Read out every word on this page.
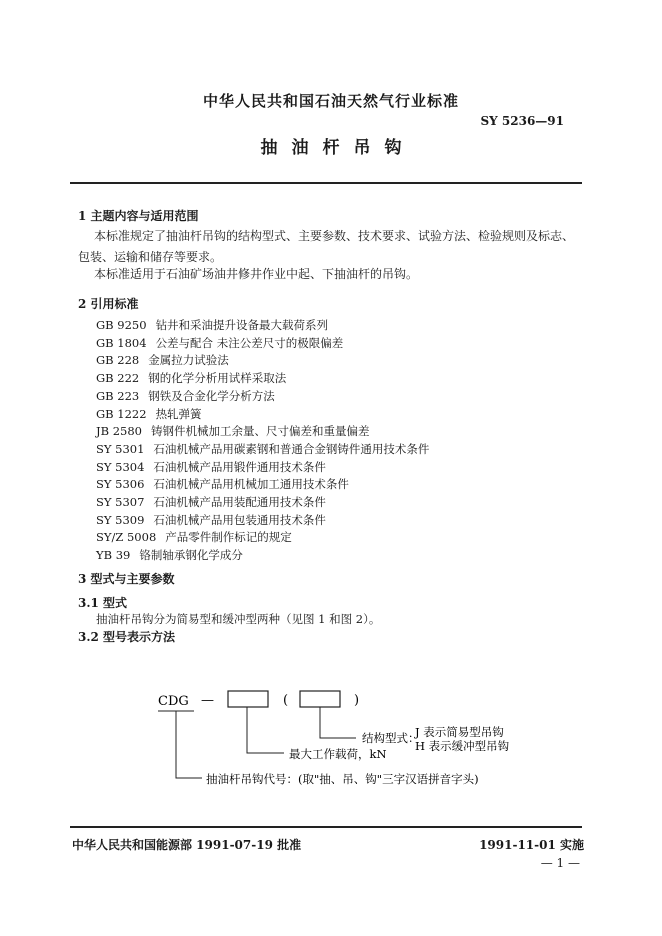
中华人民共和国石油天然气行业标准
SY 5236—91
抽油杆吊钩
1 主题内容与适用范围
本标准规定了抽油杆吊钩的结构型式、主要参数、技术要求、试验方法、检验规则及标志、包装、运输和储存等要求。
本标准适用于石油矿场油井修井作业中起、下抽油杆的吊钩。
2 引用标准
GB 9250 钻井和采油提升设备最大载荷系列
GB 1804 公差与配合 未注公差尺寸的极限偏差
GB 228 金属拉力试验法
GB 222 钢的化学分析用试样采取法
GB 223 钢铁及合金化学分析方法
GB 1222 热轧弹簧
JB 2580 铸钢件机械加工余量、尺寸偏差和重量偏差
SY 5301 石油机械产品用碳素钢和普通合金钢铸件通用技术条件
SY 5304 石油机械产品用锻件通用技术条件
SY 5306 石油机械产品用机械加工通用技术条件
SY 5307 石油机械产品用装配通用技术条件
SY 5309 石油机械产品用包装通用技术条件
SY/Z 5008 产品零件制作标记的规定
YB 39 铬制轴承钢化学成分
3 型式与主要参数
3.1 型式
抽油杆吊钩分为简易型和缓冲型两种（见图 1 和图 2）。
3.2 型号表示方法
CDG —	(	)
结构型式：
J 表示简易型吊钩
H 表示缓冲型吊钩
最大工作载荷，kN
抽油杆吊钩代号：(取"抽、吊、钩"三字汉语拼音字头)
中华人民共和国能源部 1991-07-19 批准	1991-11-01 实施
— 1 —
